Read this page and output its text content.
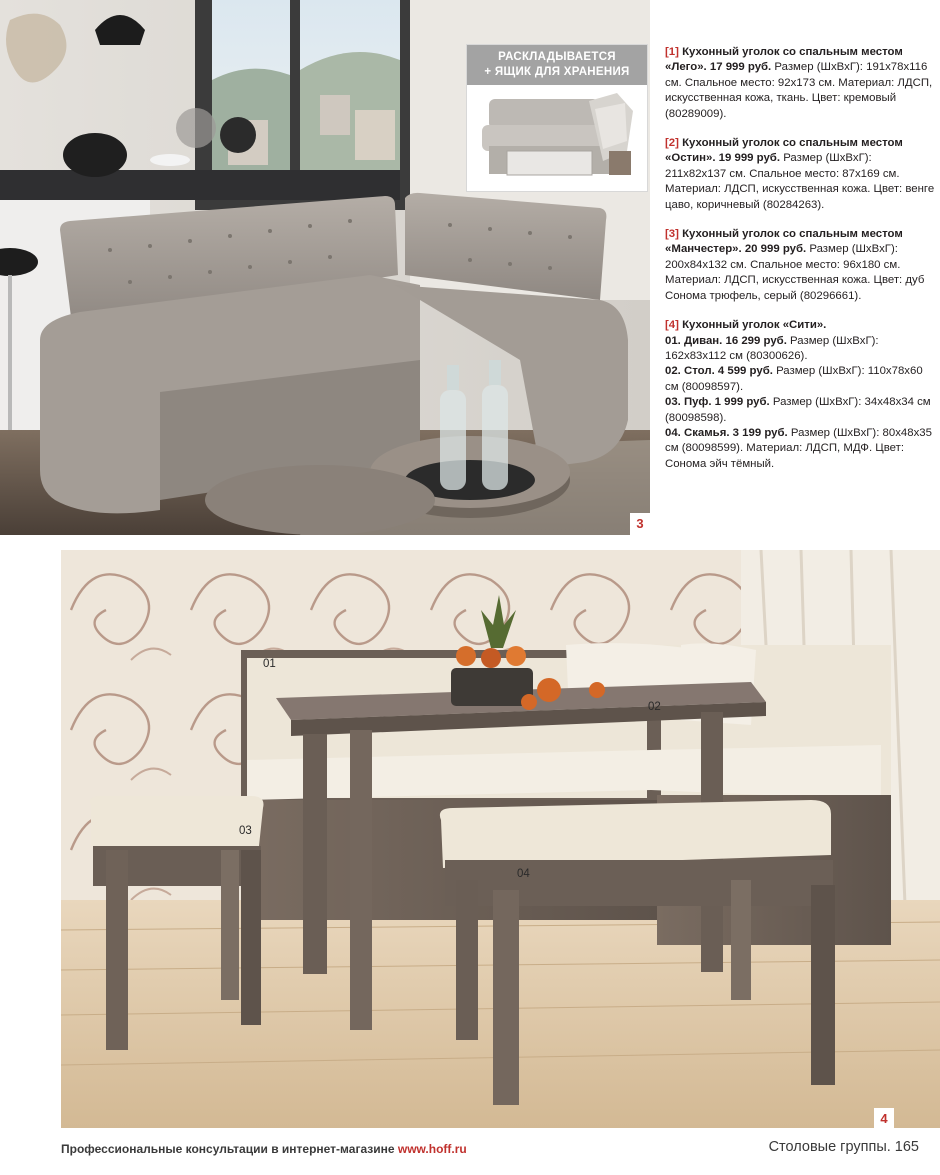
РАСКЛАДЫВАЕТСЯ
+ ЯЩИК ДЛЯ ХРАНЕНИЯ
3
[1] Кухонный уголок со спальным местом «Лего». 17 999 руб. Размер (ШхВхГ): 191х78х116 см. Спальное место: 92х173 см. Материал: ЛДСП, искусственная кожа, ткань. Цвет: кремовый (80289009).
[2] Кухонный уголок со спальным местом «Остин». 19 999 руб. Размер (ШхВхГ): 211х82х137 см. Спальное место: 87х169 см. Материал: ЛДСП, искусственная кожа. Цвет: венге цаво, коричневый (80284263).
[3] Кухонный уголок со спальным местом «Манчестер». 20 999 руб. Размер (ШхВхГ): 200х84х132 см. Спальное место: 96х180 см. Материал: ЛДСП, искусственная кожа. Цвет: дуб Сонома трюфель, серый (80296661).
[4] Кухонный уголок «Сити».
01. Диван. 16 299 руб. Размер (ШхВхГ): 162х83х112 см (80300626).
02. Стол. 4 599 руб. Размер (ШхВхГ): 110х78х60 см (80098597).
03. Пуф. 1 999 руб. Размер (ШхВхГ): 34х48х34 см (80098598).
04. Скамья. 3 199 руб. Размер (ШхВхГ): 80х48х35 см (80098599). Материал: ЛДСП, МДФ. Цвет: Сонома эйч тёмный.
01
02
03
04
4
Профессиональные консультации в интернет-магазине www.hoff.ru	Столовые группы. 165
